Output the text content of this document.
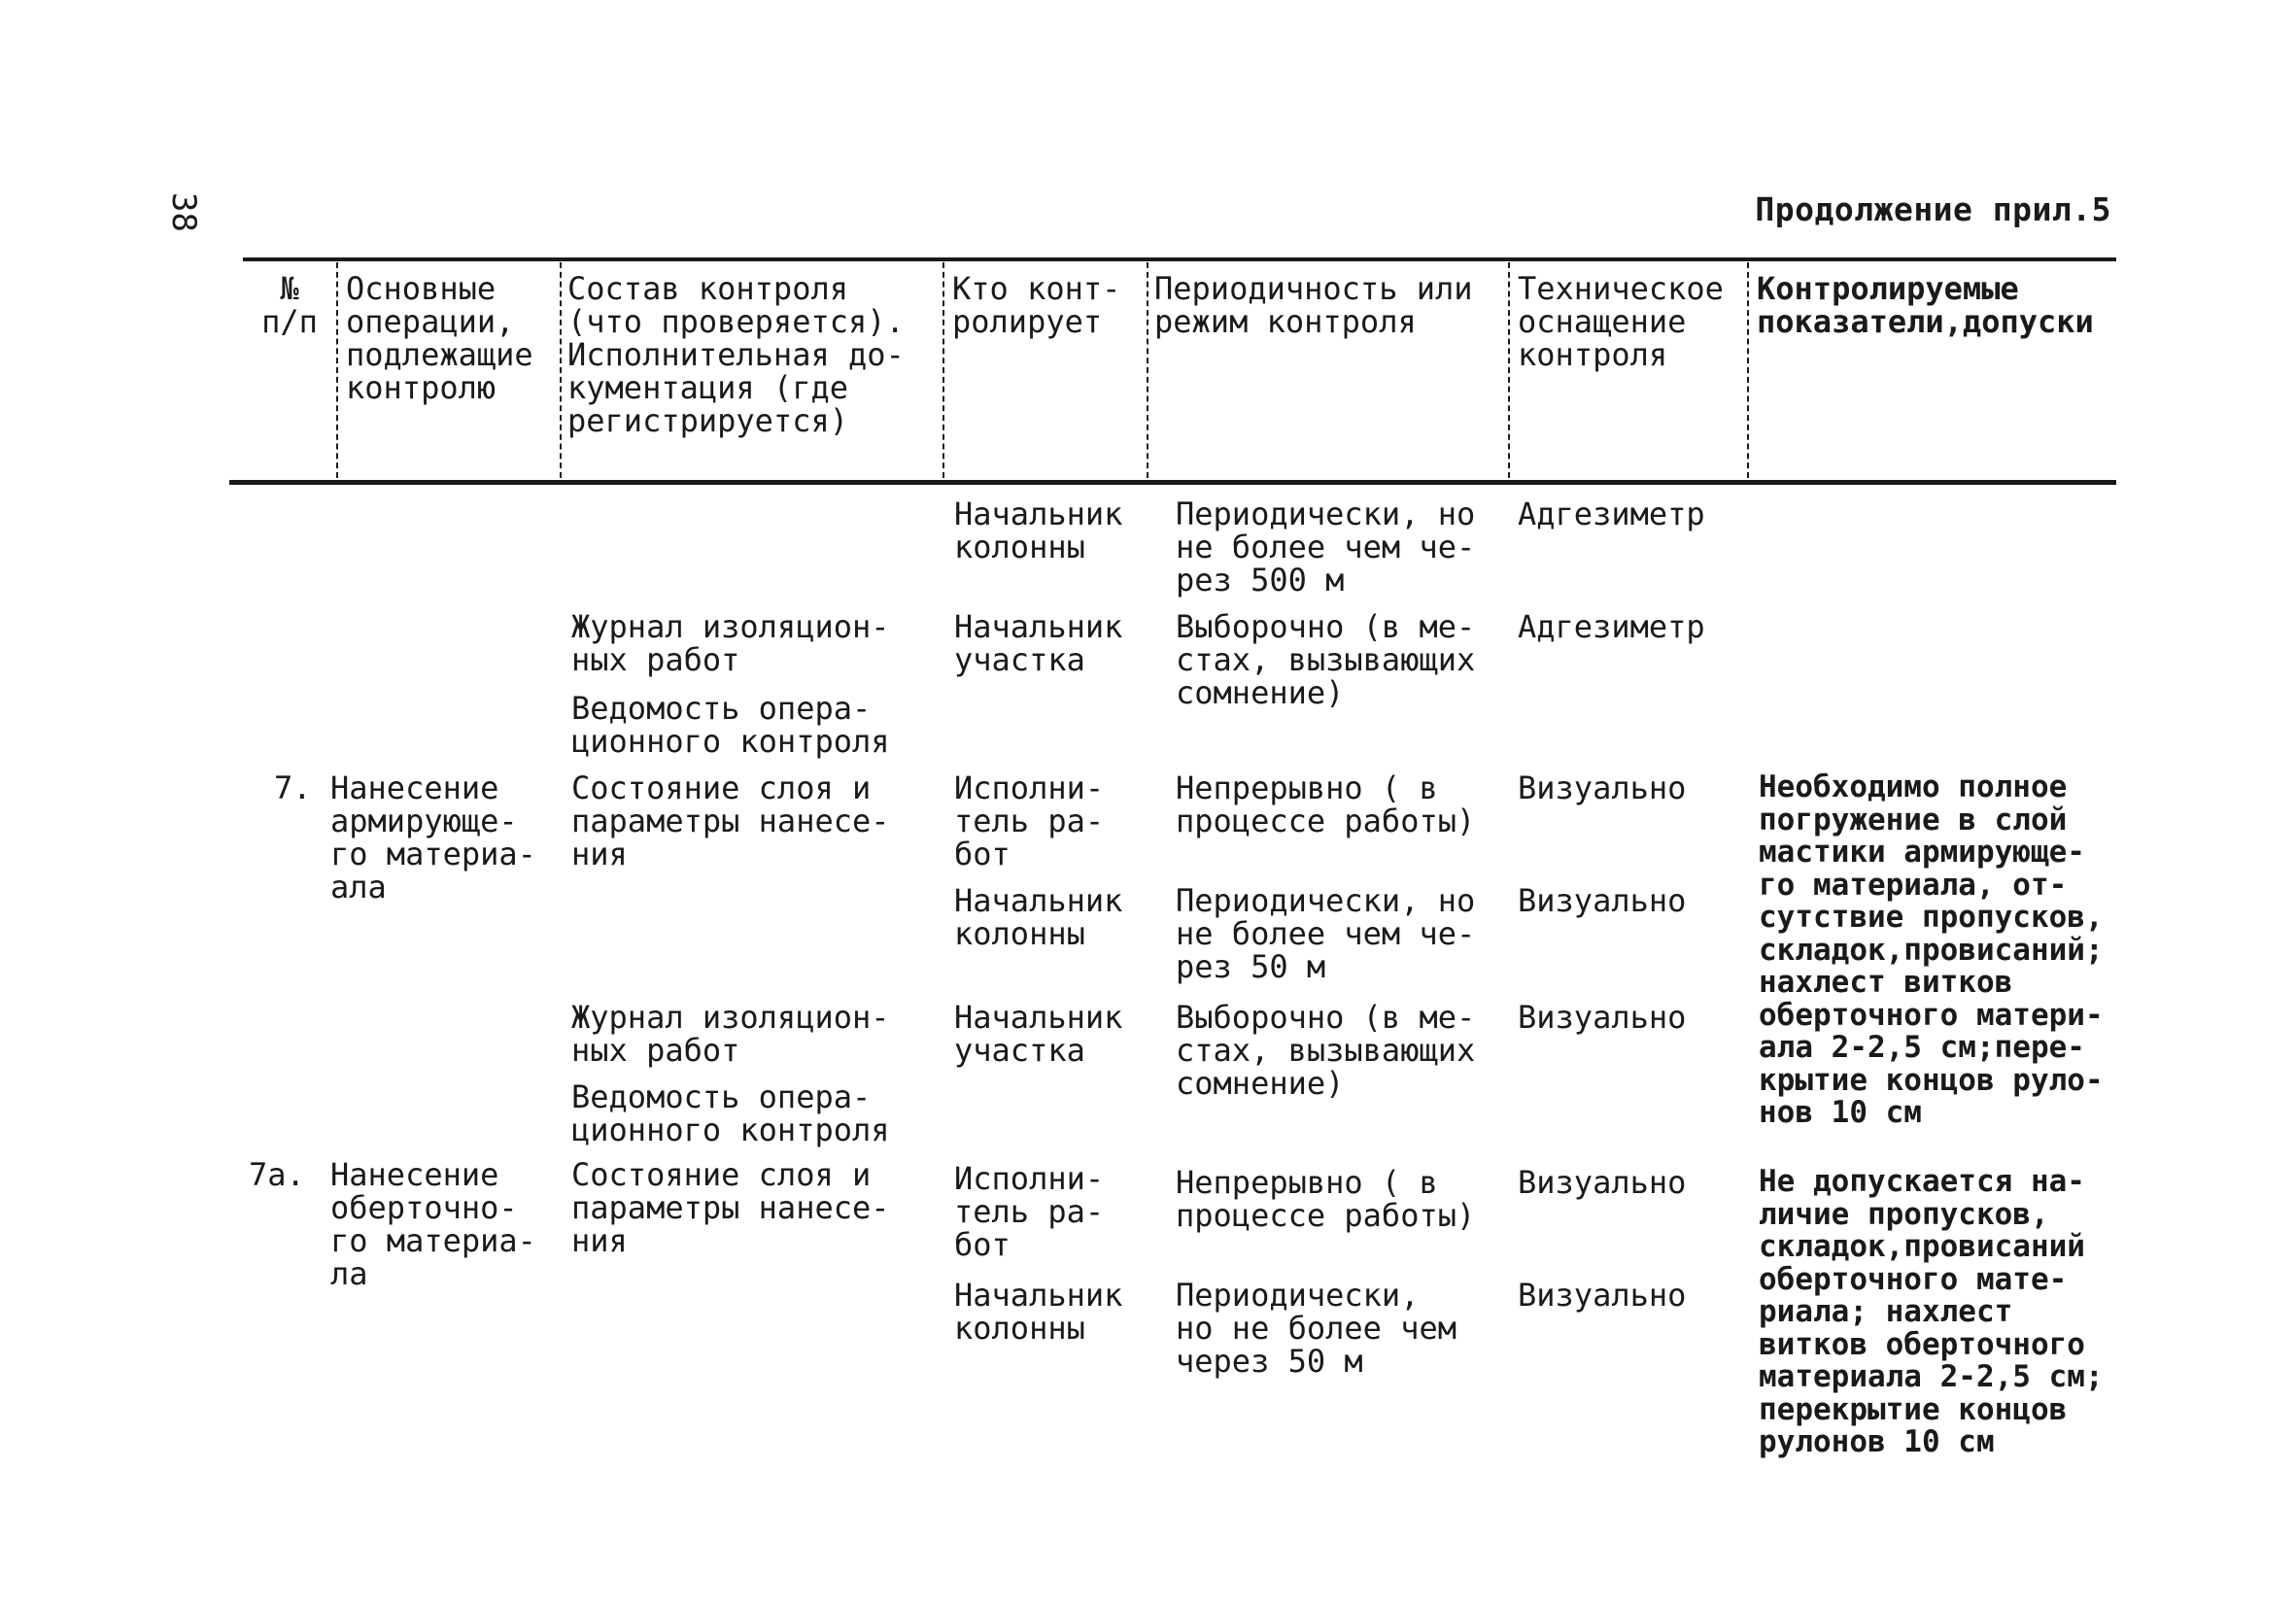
38	Продолжение прил.5
№
п/п
Основные
операции,
подлежащие
контролю
Состав контроля
(что проверяется).
Исполнительная до-
кументация (где
регистрируется)
Кто конт-
ролирует
Периодичность или
режим контроля
Техническое
оснащение
контроля
Контролируемые
показатели,допуски
Начальник
колонны
Периодически, но
не более чем че-
рез 500 м
Адгезиметр
Журнал изоляцион-
ных работ
Начальник
участка
Выборочно (в ме-
стах, вызывающих
сомнение)
Адгезиметр
Ведомость опера-
ционного контроля
7. Нанесение
армирующе-
го материа-
ала
Состояние слоя и
параметры нанесе-
ния
Исполни-
тель ра-
бот
Непрерывно ( в
процессе работы)
Визуально Необходимо полное
погружение в слой
мастики армирующе-
го материала, от-
сутствие пропусков,
складок,провисаний;
нахлест витков
оберточного матери-
ала 2-2,5 см;пере-
крытие концов руло-
нов 10 см
Начальник
колонны
Периодически, но
не более чем че-
рез 50 м
Визуально
Журнал изоляцион-
ных работ
Начальник
участка
Выборочно (в ме-
стах, вызывающих
сомнение)
Визуально
Ведомость опера-
ционного контроля
7а. Нанесение
оберточно-
го материа-
ла
Состояние слоя и
параметры нанесе-
ния
Исполни-
тель ра-
бот
Непрерывно ( в
процессе работы)
Визуально Не допускается на-
личие пропусков,
складок,провисаний
оберточного мате-
риала; нахлест
витков оберточного
материала 2-2,5 см;
перекрытие концов
рулонов 10 см
Начальник
колонны
Периодически,
но не более чем
через 50 м
Визуально
